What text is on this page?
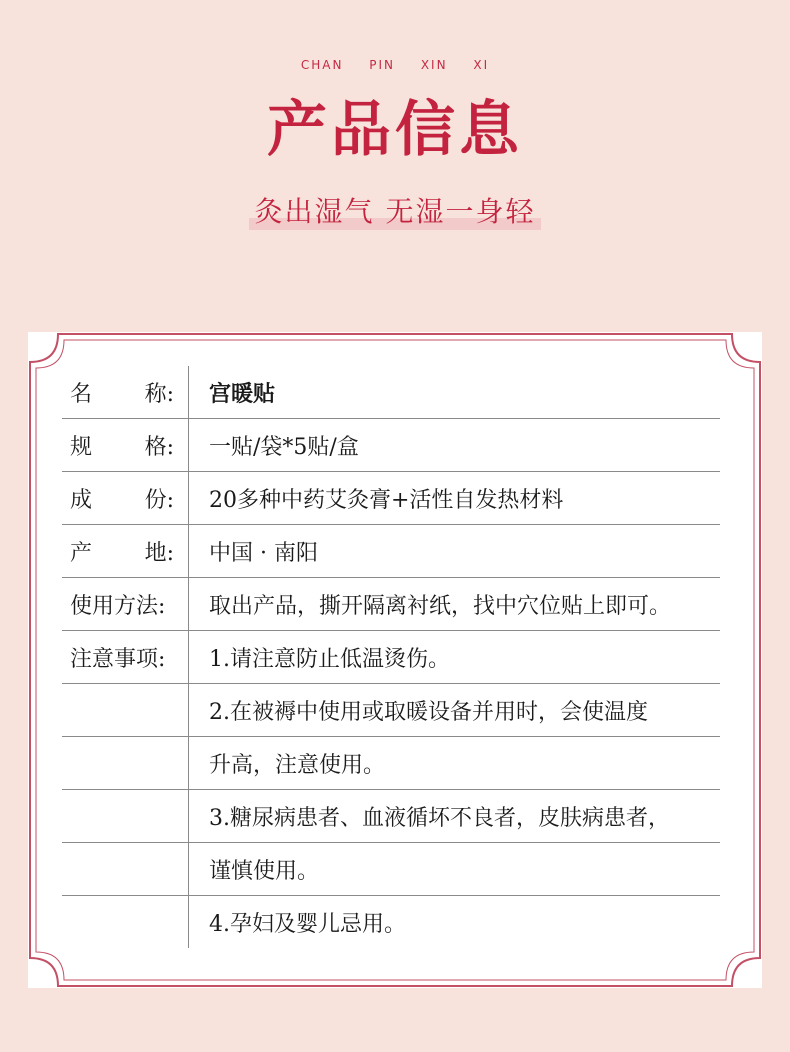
CHAN PIN XIN XI
产品信息
灸出湿气 无湿一身轻
名 称:	宫暖贴

规 格:	一贴/袋*5贴/盒

成 份:	20多种中药艾灸膏+活性自发热材料

产 地:	中国 · 南阳
使用方法:	取出产品，撕开隔离衬纸，找中穴位贴上即可。
注意事项:	1.请注意防止低温烫伤。
	2.在被褥中使用或取暖设备并用时，会使温度
	升高，注意使用。
	3.糖尿病患者、血液循坏不良者，皮肤病患者，
	谨慎使用。
	4.孕妇及婴儿忌用。
